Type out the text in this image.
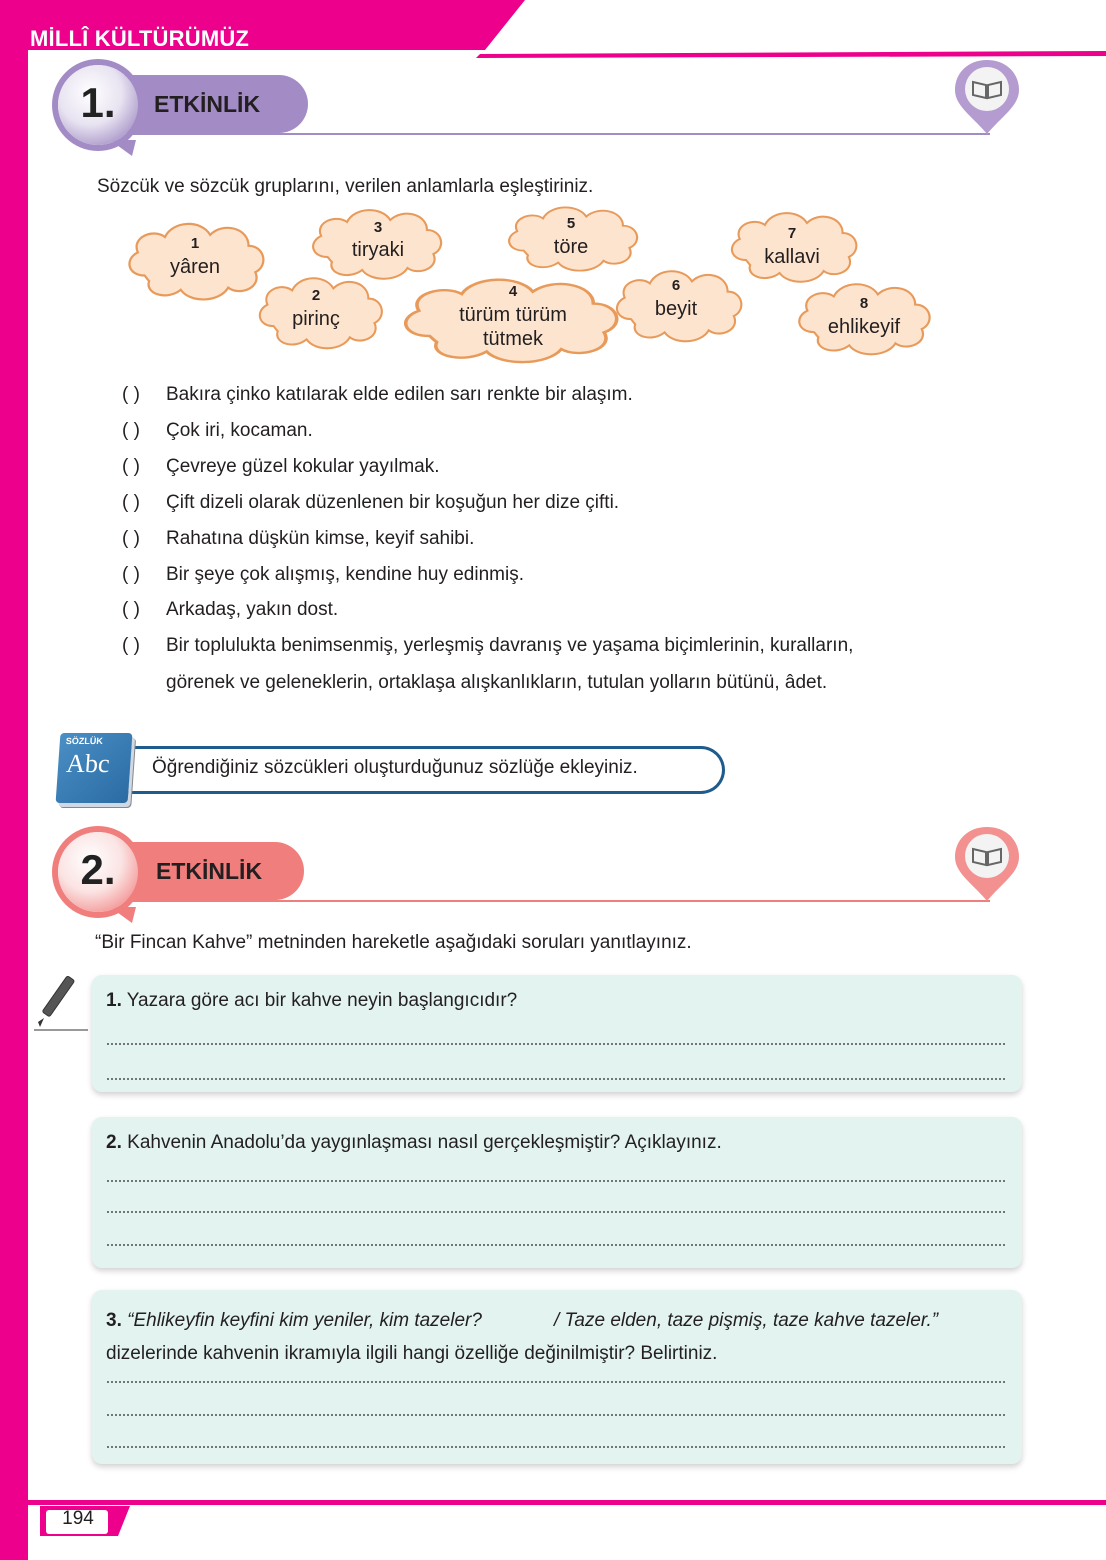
MİLLÎ KÜLTÜRÜMÜZ
ETKİNLİK
1.
Sözcük ve sözcük gruplarını, verilen anlamlarla eşleştiriniz.
1
yâren
2
pirinç
3
tiryaki
4
türüm türüm
tütmek
5
töre
6
beyit
7
kallavi
8
ehlikeyif
( ) Bakıra çinko katılarak elde edilen sarı renkte bir alaşım.
( ) Çok iri, kocaman.
( ) Çevreye güzel kokular yayılmak.
( ) Çift dizeli olarak düzenlenen bir koşuğun her dize çifti.
( ) Rahatına düşkün kimse, keyif sahibi.
( ) Bir şeye çok alışmış, kendine huy edinmiş.
( ) Arkadaş, yakın dost.
( ) Bir toplulukta benimsenmiş, yerleşmiş davranış ve yaşama biçimlerinin, kuralların,
görenek ve geleneklerin, ortaklaşa alışkanlıkların, tutulan yolların bütünü, âdet.
Öğrendiğiniz sözcükleri oluşturduğunuz sözlüğe ekleyiniz.
SÖZLÜK
Abc
ETKİNLİK
2.
“Bir Fincan Kahve” metninden hareketle aşağıdaki soruları yanıtlayınız.
1. Yazara göre acı bir kahve neyin başlangıcıdır?
2. Kahvenin Anadolu’da yaygınlaşması nasıl gerçekleşmiştir? Açıklayınız.
3. “Ehlikeyfin keyfini kim yeniler, kim tazeler?	/ Taze elden, taze pişmiş, taze kahve tazeler.”
dizelerinde kahvenin ikramıyla ilgili hangi özelliğe değinilmiştir? Belirtiniz.
194
